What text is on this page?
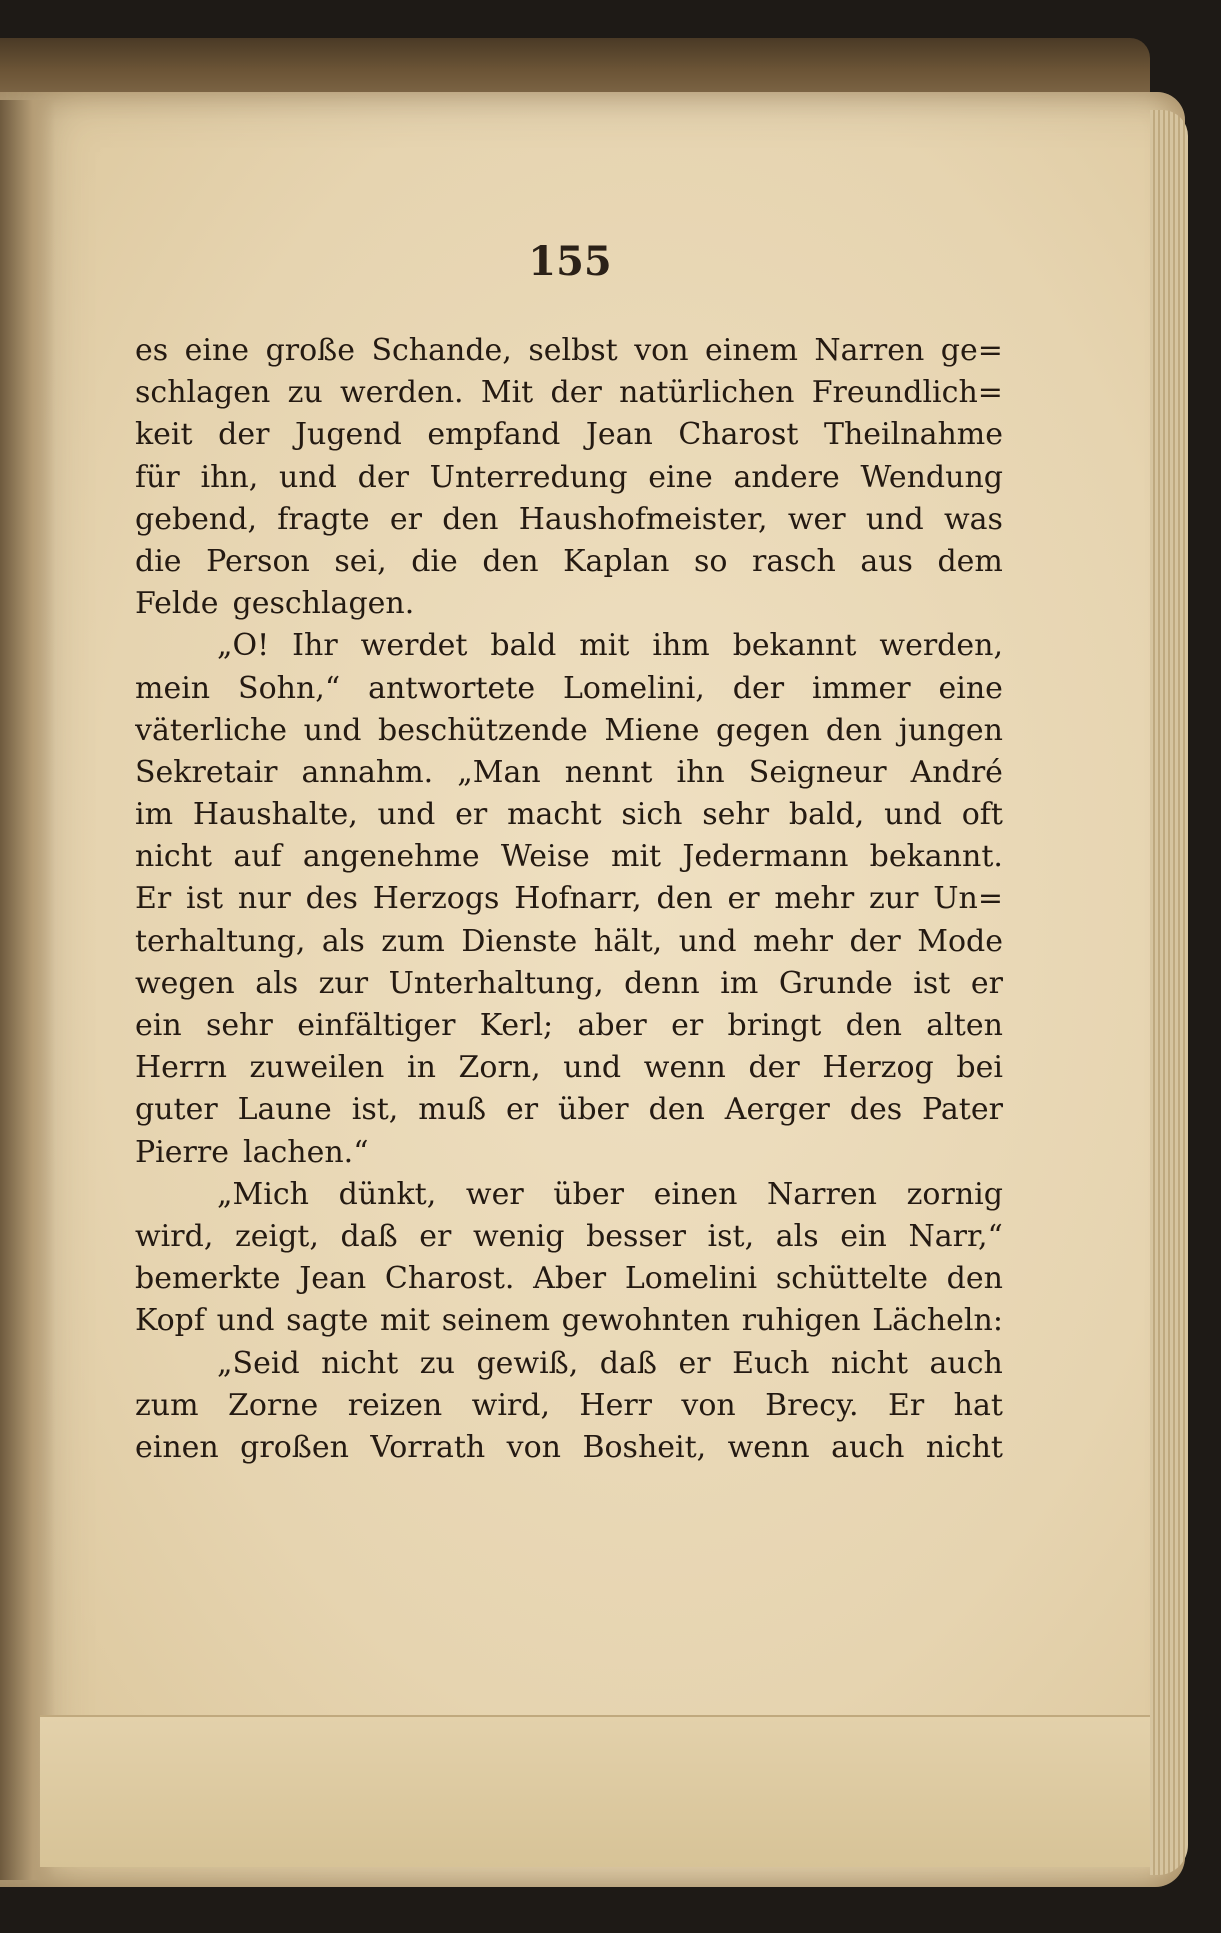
155
es eine große Schande, selbst von einem Narren ge=
schlagen zu werden. Mit der natürlichen Freundlich=
keit der Jugend empfand Jean Charost Theilnahme
für ihn, und der Unterredung eine andere Wendung
gebend, fragte er den Haushofmeister, wer und was
die Person sei, die den Kaplan so rasch aus dem
Felde geschlagen.
„O! Ihr werdet bald mit ihm bekannt werden,
mein Sohn,“ antwortete Lomelini, der immer eine
väterliche und beschützende Miene gegen den jungen
Sekretair annahm. „Man nennt ihn Seigneur André
im Haushalte, und er macht sich sehr bald, und oft
nicht auf angenehme Weise mit Jedermann bekannt.
Er ist nur des Herzogs Hofnarr, den er mehr zur Un=
terhaltung, als zum Dienste hält, und mehr der Mode
wegen als zur Unterhaltung, denn im Grunde ist er
ein sehr einfältiger Kerl; aber er bringt den alten
Herrn zuweilen in Zorn, und wenn der Herzog bei
guter Laune ist, muß er über den Aerger des Pater
Pierre lachen.“
„Mich dünkt, wer über einen Narren zornig
wird, zeigt, daß er wenig besser ist, als ein Narr,“
bemerkte Jean Charost. Aber Lomelini schüttelte den
Kopf und sagte mit seinem gewohnten ruhigen Lächeln:
„Seid nicht zu gewiß, daß er Euch nicht auch
zum Zorne reizen wird, Herr von Brecy. Er hat
einen großen Vorrath von Bosheit, wenn auch nicht
